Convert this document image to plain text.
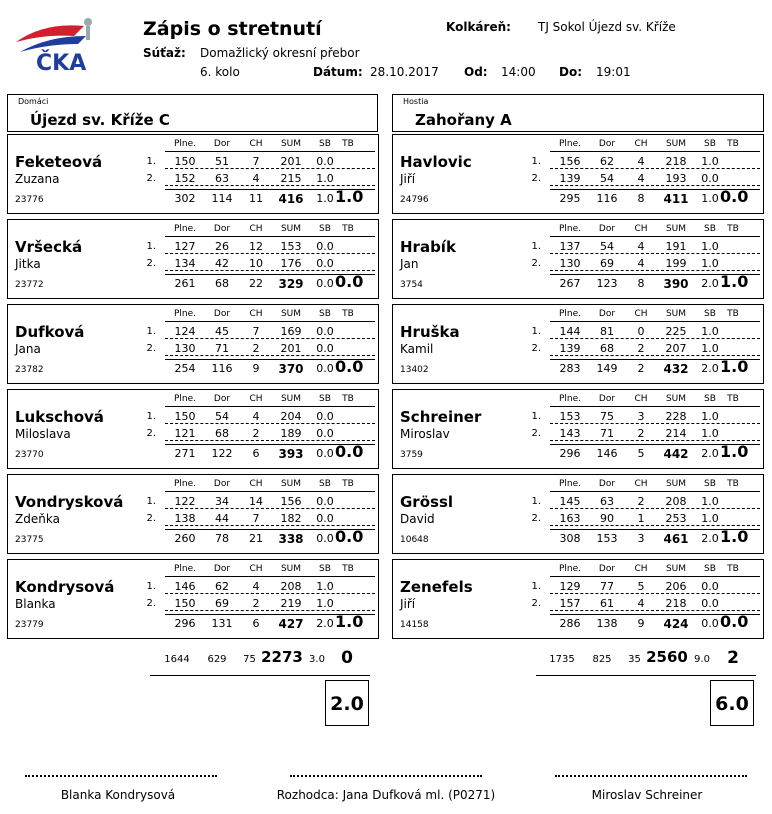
ČKA
Zápis o stretnutí
Súťaž: Domažlický okresní přebor
6. kolo	Dátum: 28.10.2017 Od: 14:00 Do: 19:01
Kolkáreň: TJ Sokol Újezd sv. Kříže
Domáci
Újezd sv. Kříže C
Hostia
Zahořany A
Feketeová
Zuzana
23776
Plne.	Dor	CH	SUM	SB	TB
1.	150	51	7	201	0.0
2.	152	63	4	215	1.0
302	114	11	416 1.0 1.0
Vršecká
Jitka
23772
Plne.	Dor	CH	SUM	SB	TB
1.	127	26	12	153	0.0
2.	134	42	10	176	0.0
261	68	22	329 0.0 0.0
Dufková
Jana
23782
Plne.	Dor	CH	SUM	SB	TB
1.	124	45	7	169	0.0
2.	130	71	2	201	0.0
254	116	9	370 0.0 0.0
Lukschová
Miloslava
23770
Plne.	Dor	CH	SUM	SB	TB
1.	150	54	4	204	0.0
2.	121	68	2	189	0.0
271	122	6	393 0.0 0.0
Vondrysková
Zdeňka
23775
Plne.	Dor	CH	SUM	SB	TB
1.	122	34	14	156	0.0
2.	138	44	7	182	0.0
260	78	21	338 0.0 0.0
Kondrysová
Blanka
23779
Plne.	Dor	CH	SUM	SB	TB
1.	146	62	4	208	1.0
2.	150	69	2	219	1.0
296	131	6	427 2.0 1.0
Havlovic
Jiří
24796
Plne.	Dor	CH	SUM	SB	TB
1.	156	62	4	218	1.0
2.	139	54	4	193	0.0
295	116	8	411 1.0 0.0
Hrabík
Jan
3754
Plne.	Dor	CH	SUM	SB	TB
1.	137	54	4	191	1.0
2.	130	69	4	199	1.0
267	123	8	390 2.0 1.0
Hruška
Kamil
13402
Plne.	Dor	CH	SUM	SB	TB
1.	144	81	0	225	1.0
2.	139	68	2	207	1.0
283	149	2	432 2.0 1.0
Schreiner
Miroslav
3759
Plne.	Dor	CH	SUM	SB	TB
1.	153	75	3	228	1.0
2.	143	71	2	214	1.0
296	146	5	442 2.0 1.0
Grössl
David
10648
Plne.	Dor	CH	SUM	SB	TB
1.	145	63	2	208	1.0
2.	163	90	1	253	1.0
308	153	3	461 2.0 1.0
Zenefels
Jiří
14158
Plne.	Dor	CH	SUM	SB	TB
1.	129	77	5	206	0.0
2.	157	61	4	218	0.0
286	138	9	424 0.0 0.0
1644	629	75 2273 3.0 0
2.0
1735	825	35 2560 9.0	2
6.0
Blanka Kondrysová	Rozhodca: Jana Dufková ml. (P0271)	Miroslav Schreiner
